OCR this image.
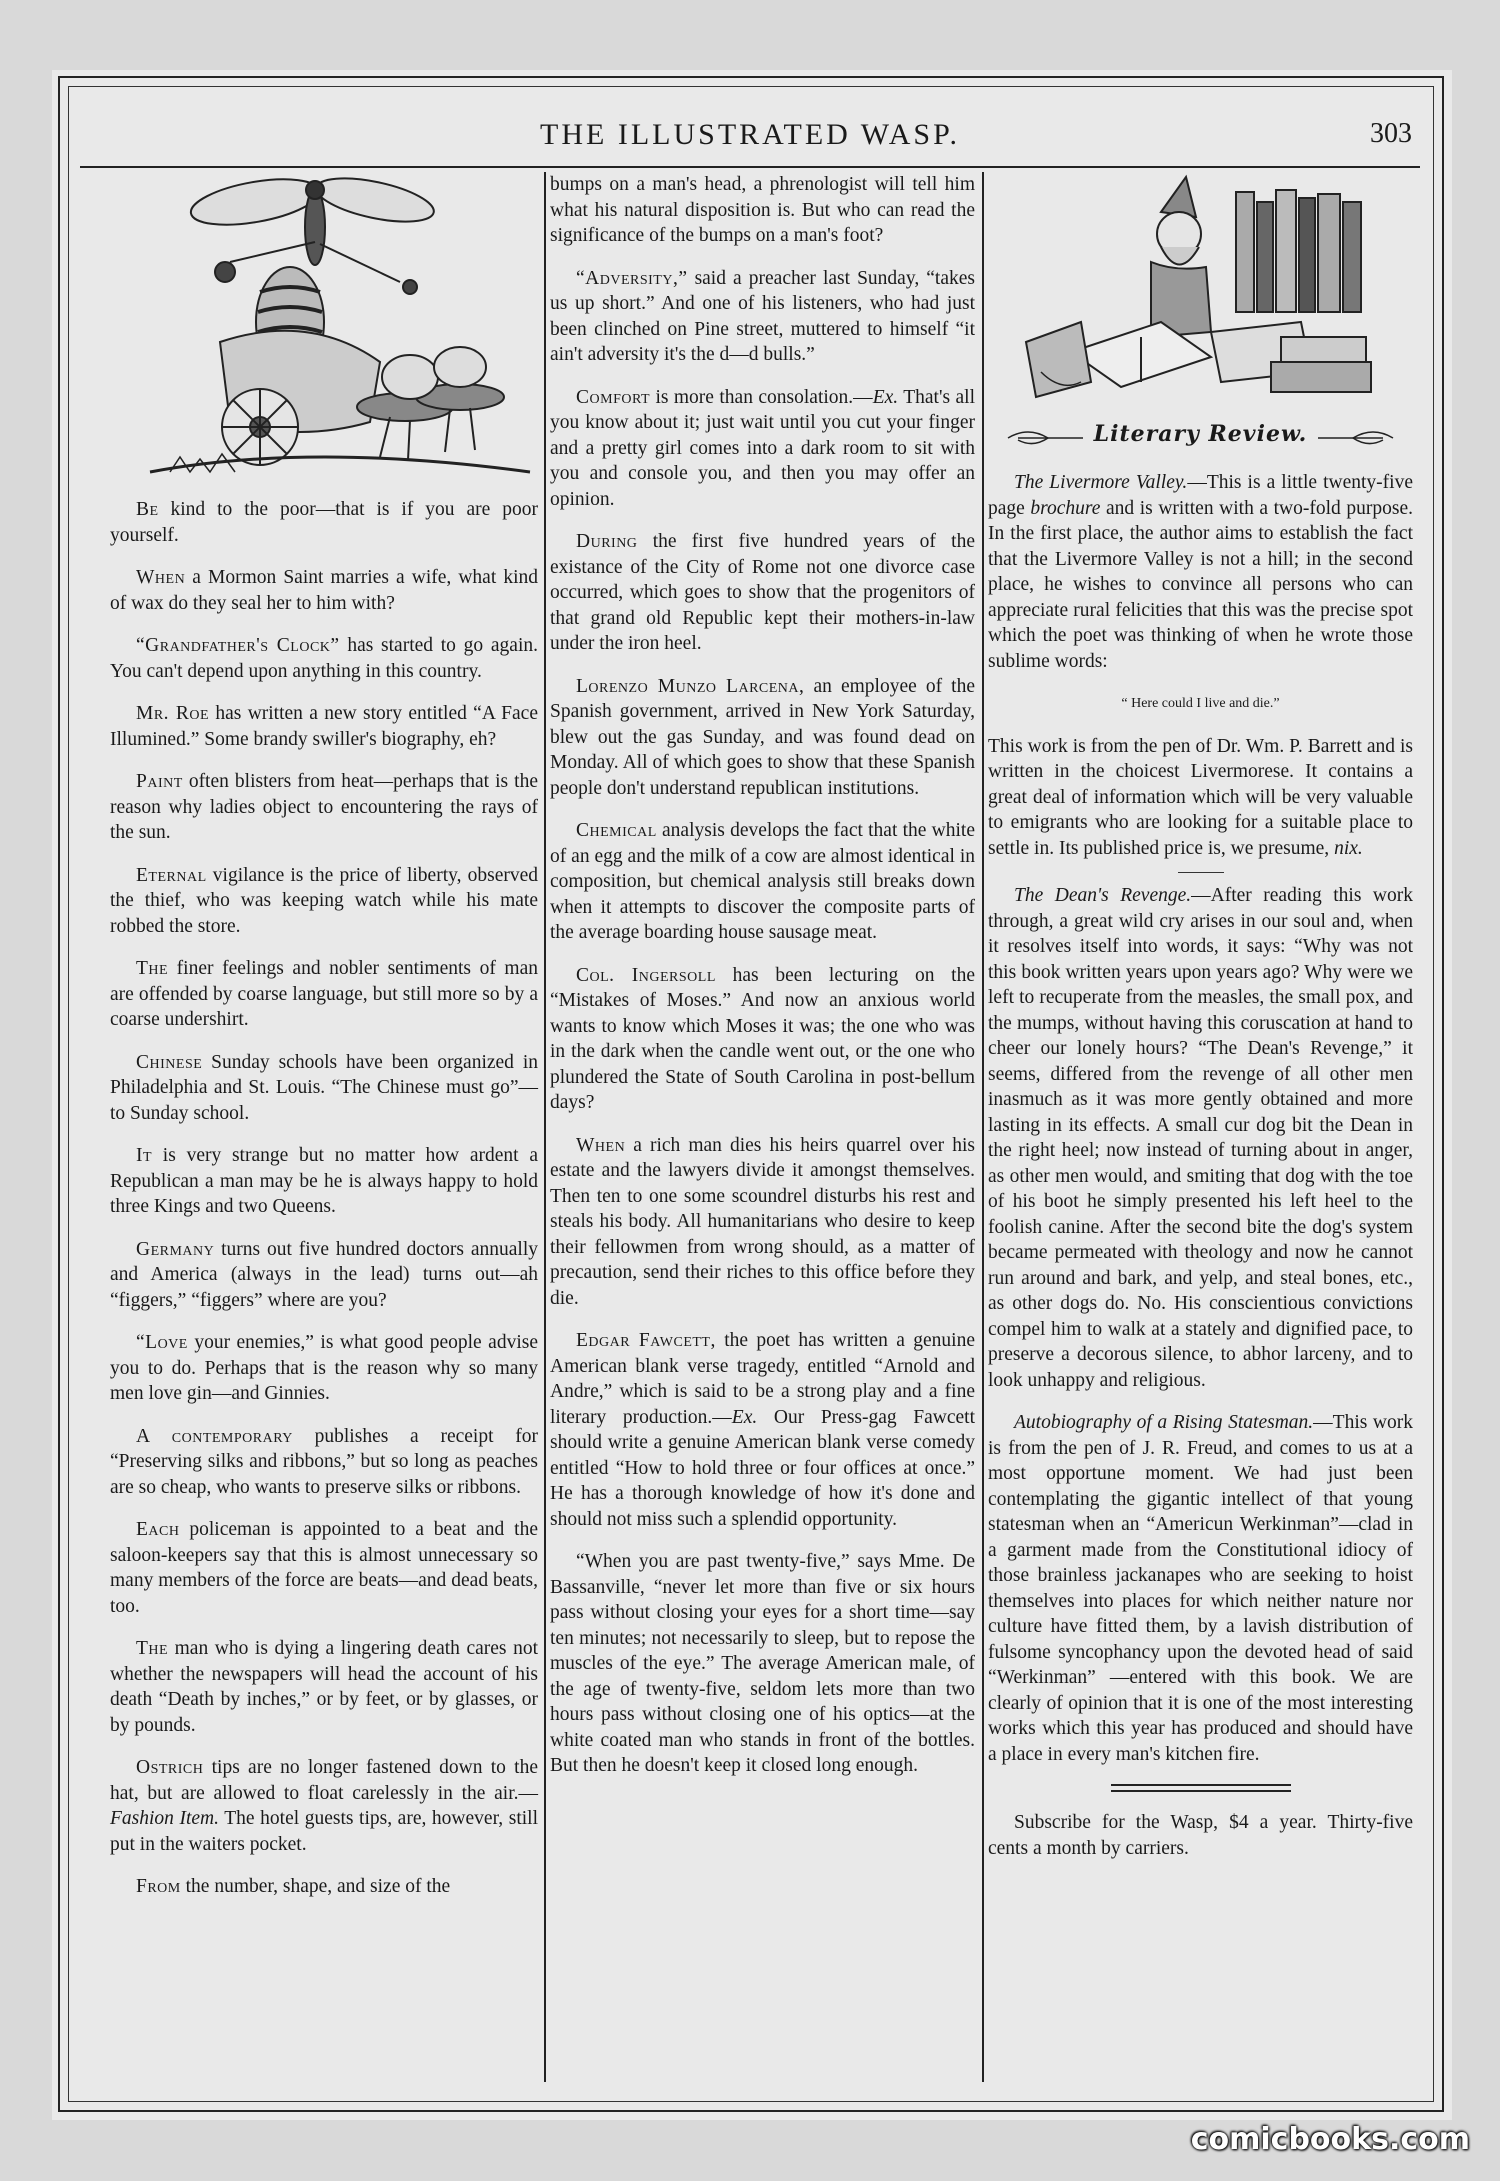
THE ILLUSTRATED WASP.	303

Be kind to the poor—that is if you are poor yourself.

When a Mormon Saint marries a wife, what kind of wax do they seal her to him with?

“Grandfather's Clock” has started to go again. You can't depend upon anything in this country.

Mr. Roe has written a new story entitled “A Face Illumined.” Some brandy swiller's biography, eh?

Paint often blisters from heat—perhaps that is the reason why ladies object to encountering the rays of the sun.

Eternal vigilance is the price of liberty, observed the thief, who was keeping watch while his mate robbed the store.

The finer feelings and nobler sentiments of man are offended by coarse language, but still more so by a coarse undershirt.

Chinese Sunday schools have been organized in Philadelphia and St. Louis. “The Chinese must go”—to Sunday school.

It is very strange but no matter how ardent a Republican a man may be he is always happy to hold three Kings and two Queens.

Germany turns out five hundred doctors annually and America (always in the lead) turns out—ah “figgers,” “figgers” where are you?

“Love your enemies,” is what good people advise you to do. Perhaps that is the reason why so many men love gin—and Ginnies.

A contemporary publishes a receipt for “Preserving silks and ribbons,” but so long as peaches are so cheap, who wants to preserve silks or ribbons.

Each policeman is appointed to a beat and the saloon-keepers say that this is almost unnecessary so many members of the force are beats—and dead beats, too.

The man who is dying a lingering death cares not whether the newspapers will head the account of his death “Death by inches,” or by feet, or by glasses, or by pounds.

Ostrich tips are no longer fastened down to the hat, but are allowed to float carelessly in the air.—Fashion Item. The hotel guests tips, are, however, still put in the waiters pocket.

From the number, shape, and size of the

bumps on a man's head, a phrenologist will tell him what his natural disposition is. But who can read the significance of the bumps on a man's foot?

“Adversity,” said a preacher last Sunday, “takes us up short.” And one of his listeners, who had just been clinched on Pine street, muttered to himself “it ain't adversity it's the d—d bulls.”

Comfort is more than consolation.—Ex. That's all you know about it; just wait until you cut your finger and a pretty girl comes into a dark room to sit with you and console you, and then you may offer an opinion.

During the first five hundred years of the existance of the City of Rome not one divorce case occurred, which goes to show that the progenitors of that grand old Republic kept their mothers-in-law under the iron heel.

Lorenzo Munzo Larcena, an employee of the Spanish government, arrived in New York Saturday, blew out the gas Sunday, and was found dead on Monday. All of which goes to show that these Spanish people don't understand republican institutions.

Chemical analysis develops the fact that the white of an egg and the milk of a cow are almost identical in composition, but chemical analysis still breaks down when it attempts to discover the composite parts of the average boarding house sausage meat.

Col. Ingersoll has been lecturing on the “Mistakes of Moses.” And now an anxious world wants to know which Moses it was; the one who was in the dark when the candle went out, or the one who plundered the State of South Carolina in post-bellum days?

When a rich man dies his heirs quarrel over his estate and the lawyers divide it amongst themselves. Then ten to one some scoundrel disturbs his rest and steals his body. All humanitarians who desire to keep their fellowmen from wrong should, as a matter of precaution, send their riches to this office before they die.

Edgar Fawcett, the poet has written a genuine American blank verse tragedy, entitled “Arnold and Andre,” which is said to be a strong play and a fine literary production.—Ex. Our Press-gag Fawcett should write a genuine American blank verse comedy entitled “How to hold three or four offices at once.” He has a thorough knowledge of how it's done and should not miss such a splendid opportunity.

“When you are past twenty-five,” says Mme. De Bassanville, “never let more than five or six hours pass without closing your eyes for a short time—say ten minutes; not necessarily to sleep, but to repose the muscles of the eye.” The average American male, of the age of twenty-five, seldom lets more than two hours pass without closing one of his optics—at the white coated man who stands in front of the bottles. But then he doesn't keep it closed long enough.

Literary Review.

The Livermore Valley.—This is a little twenty-five page brochure and is written with a two-fold purpose. In the first place, the author aims to establish the fact that the Livermore Valley is not a hill; in the second place, he wishes to convince all persons who can appreciate rural felicities that this was the precise spot which the poet was thinking of when he wrote those sublime words:

“ Here could I live and die.”

This work is from the pen of Dr. Wm. P. Barrett and is written in the choicest Livermorese. It contains a great deal of information which will be very valuable to emigrants who are looking for a suitable place to settle in. Its published price is, we presume, nix.

The Dean's Revenge.—After reading this work through, a great wild cry arises in our soul and, when it resolves itself into words, it says: “Why was not this book written years upon years ago? Why were we left to recuperate from the measles, the small pox, and the mumps, without having this coruscation at hand to cheer our lonely hours? “The Dean's Revenge,” it seems, differed from the revenge of all other men inasmuch as it was more gently obtained and more lasting in its effects. A small cur dog bit the Dean in the right heel; now instead of turning about in anger, as other men would, and smiting that dog with the toe of his boot he simply presented his left heel to the foolish canine. After the second bite the dog's system became permeated with theology and now he cannot run around and bark, and yelp, and steal bones, etc., as other dogs do. No. His conscientious convictions compel him to walk at a stately and dignified pace, to preserve a decorous silence, to abhor larceny, and to look unhappy and religious.

Autobiography of a Rising Statesman.—This work is from the pen of J. R. Freud, and comes to us at a most opportune moment. We had just been contemplating the gigantic intellect of that young statesman when an “Americun Werkinman”—clad in a garment made from the Constitutional idiocy of those brainless jackanapes who are seeking to hoist themselves into places for which neither nature nor culture have fitted them, by a lavish distribution of fulsome syncophancy upon the devoted head of said “Werkinman” —entered with this book. We are clearly of opinion that it is one of the most interesting works which this year has produced and should have a place in every man's kitchen fire.

Subscribe for the Wasp, $4 a year. Thirty-five cents a month by carriers.

comicbooks.com
